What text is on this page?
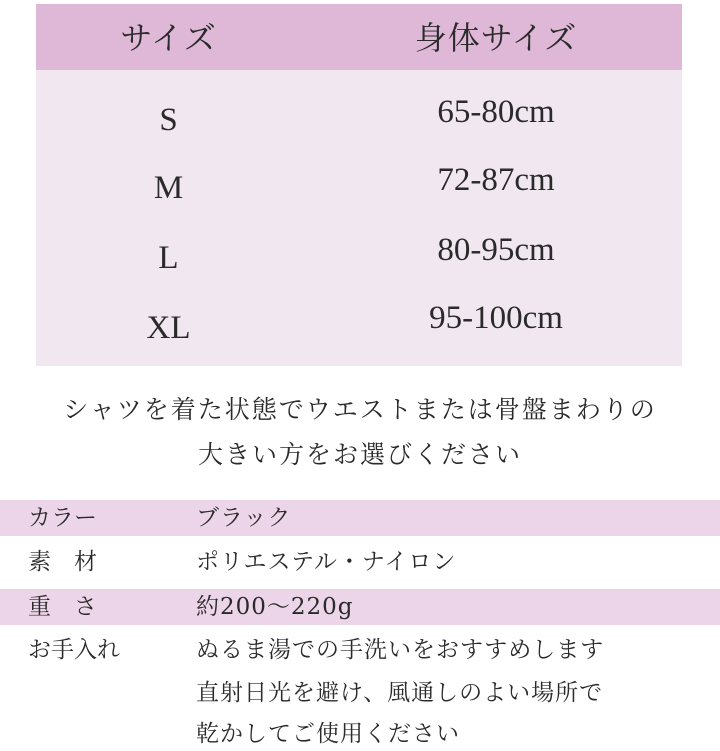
サイズ	身体サイズ
S	65-80cm
M	72-87cm
L	80-95cm
XL	95-100cm
シャツを着た状態でウエストまたは骨盤まわりの
大きい方をお選びください
カラー	ブラック
素　材	ポリエステル・ナイロン
重　さ	約200〜220g
お手入れ	ぬるま湯での手洗いをおすすめします
直射日光を避け、風通しのよい場所で
乾かしてご使用ください
